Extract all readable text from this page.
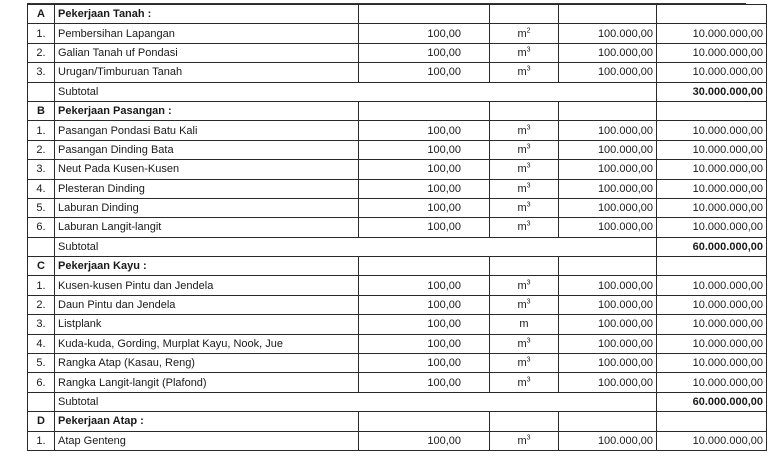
A	Pekerjaan Tanah :				
1.	Pembersihan Lapangan	100,00	$m^2$	100.000,00	10.000.000,00
2.	Galian Tanah uf Pondasi	100,00	$m^3$	100.000,00	10.000.000,00
3.	Urugan/Timburuan Tanah	100,00	$m^3$	100.000,00	10.000.000,00
	Subtotal				30.000.000,00
B	Pekerjaan Pasangan :				
1.	Pasangan Pondasi Batu Kali	100,00	$m^3$	100.000,00	10.000.000,00
2.	Pasangan Dinding Bata	100,00	$m^3$	100.000,00	10.000.000,00
3.	Neut Pada Kusen-Kusen	100,00	$m^3$	100.000,00	10.000.000,00
4.	Plesteran Dinding	100,00	$m^3$	100.000,00	10.000.000,00
5.	Laburan Dinding	100,00	$m^3$	100.000,00	10.000.000,00
6.	Laburan Langit-langit	100,00	$m^3$	100.000,00	10.000.000,00
	Subtotal				60.000.000,00
C	Pekerjaan Kayu :				
1.	Kusen-kusen Pintu dan Jendela	100,00	$m^3$	100.000,00	10.000.000,00
2.	Daun Pintu dan Jendela	100,00	$m^3$	100.000,00	10.000.000,00
3.	Listplank	100,00	m	100.000,00	10.000.000,00
4.	Kuda-kuda, Gording, Murplat Kayu, Nook, Jue	100,00	$m^3$	100.000,00	10.000.000,00
5.	Rangka Atap (Kasau, Reng)	100,00	$m^3$	100.000,00	10.000.000,00
6.	Rangka Langit-langit (Plafond)	100,00	$m^3$	100.000,00	10.000.000,00
	Subtotal				60.000.000,00
D	Pekerjaan Atap :				
1.	Atap Genteng	100,00	$m^3$	100.000,00	10.000.000,00
